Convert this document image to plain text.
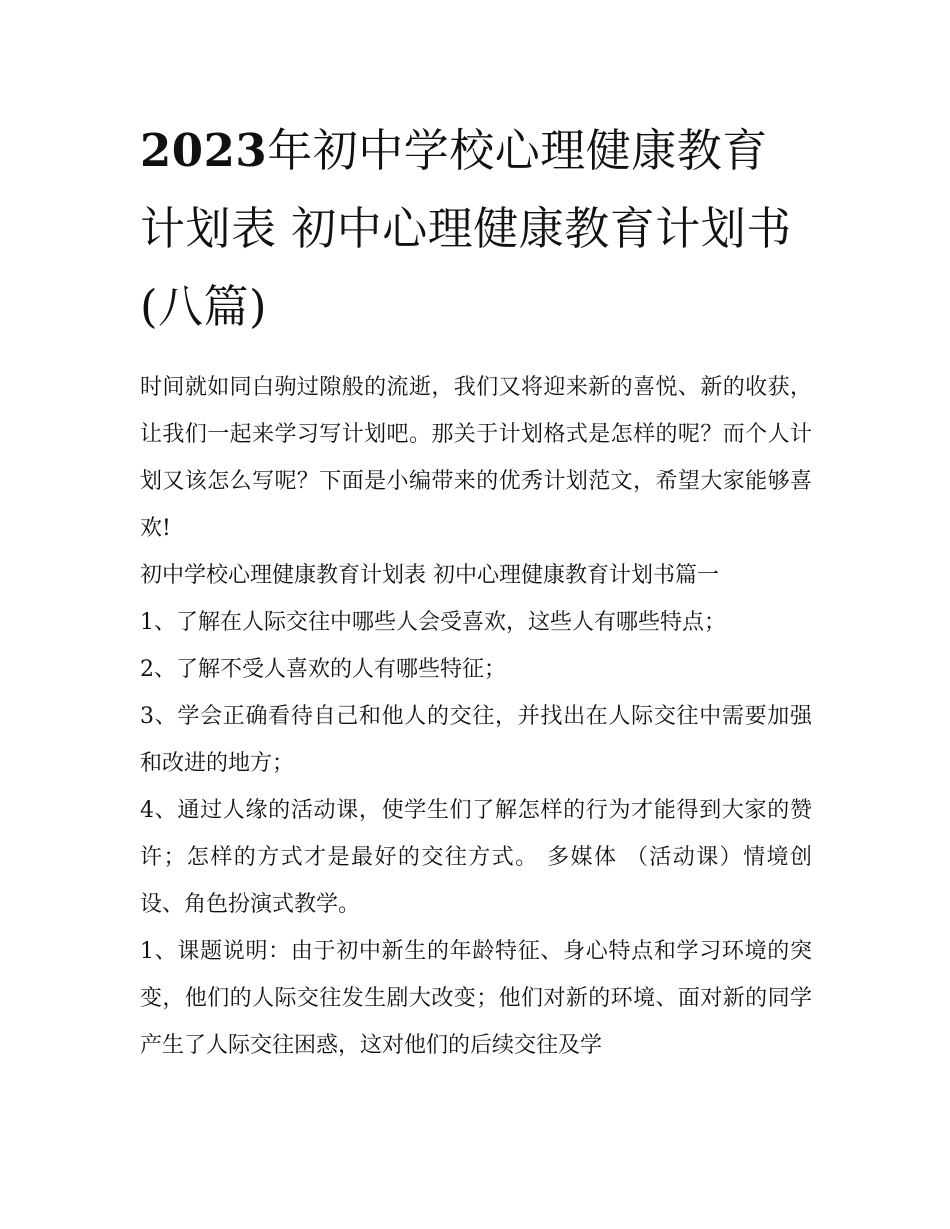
2023年初中学校心理健康教育计划表 初中心理健康教育计划书(八篇)

时间就如同白驹过隙般的流逝，我们又将迎来新的喜悦、新的收获，让我们一起来学习写计划吧。那关于计划格式是怎样的呢？而个人计划又该怎么写呢？下面是小编带来的优秀计划范文，希望大家能够喜欢!

初中学校心理健康教育计划表 初中心理健康教育计划书篇一

1、了解在人际交往中哪些人会受喜欢，这些人有哪些特点；

2、了解不受人喜欢的人有哪些特征；

3、学会正确看待自己和他人的交往，并找出在人际交往中需要加强和改进的地方；

4、通过人缘的活动课，使学生们了解怎样的行为才能得到大家的赞许；怎样的方式才是最好的交往方式。 多媒体 （活动课）情境创设、角色扮演式教学。

1、课题说明：由于初中新生的年龄特征、身心特点和学习环境的突变，他们的人际交往发生剧大改变；他们对新的环境、面对新的同学产生了人际交往困惑，这对他们的后续交往及学
